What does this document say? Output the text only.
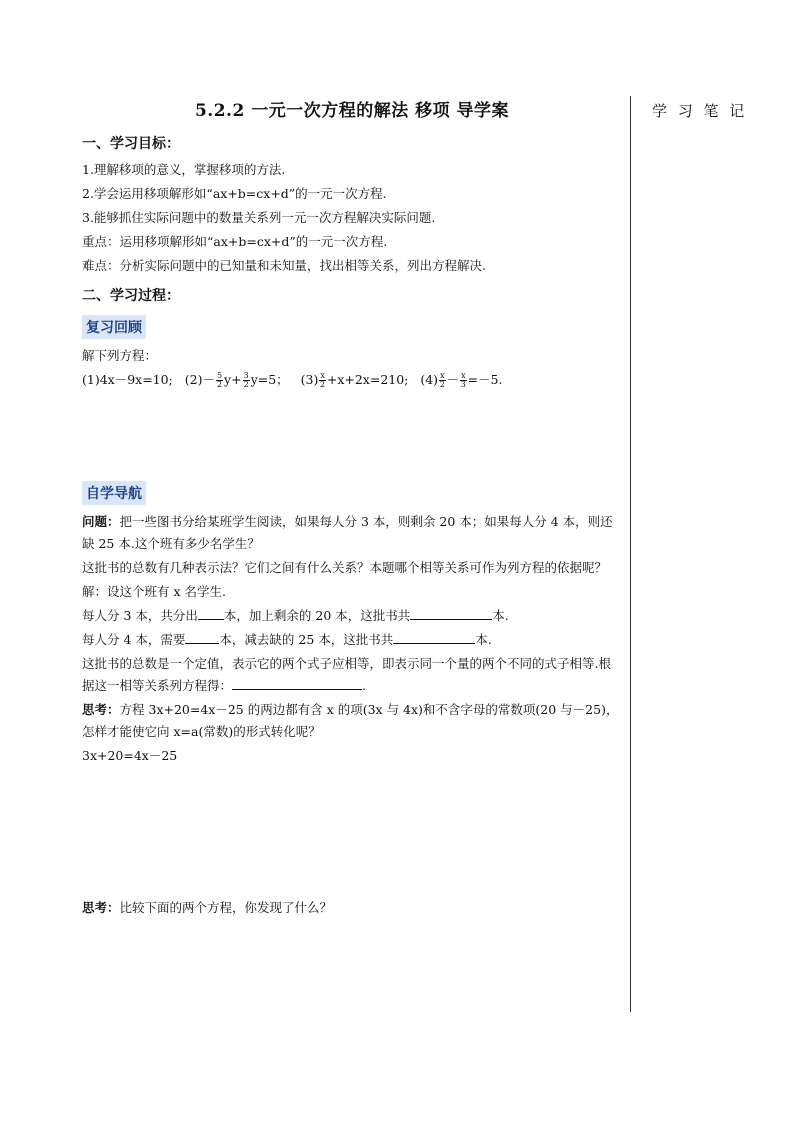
学 习 笔 记
5.2.2 一元一次方程的解法 移项 导学案
一、学习目标：
1.理解移项的意义，掌握移项的方法.
2.学会运用移项解形如“ax+b=cx+d”的一元一次方程.
3.能够抓住实际问题中的数量关系列一元一次方程解决实际问题.
重点：运用移项解形如“ax+b=cx+d”的一元一次方程.
难点：分析实际问题中的已知量和未知量，找出相等关系，列出方程解决.
二、学习过程：
复习回顾
解下列方程：
(1)4x－9x=10; $(2)- \frac{5}{2} y+ \frac{3}{2} y=5$； $(3) \frac{x}{2} +x+2x=210$; $(4) \frac{x}{2} - \frac{x}{3} =-5$.
自学导航
问题：把一些图书分给某班学生阅读，如果每人分 3 本，则剩余 20 本；如果每人分 4 本，则还缺 25 本.这个班有多少名学生？
这批书的总数有几种表示法？它们之间有什么关系？本题哪个相等关系可作为列方程的依据呢？
解：设这个班有 x 名学生.
每人分 3 本，共分出 本，加上剩余的 20 本，这批书共	本.
每人分 4 本，需要	本，减去缺的 25 本，这批书共	本.
这批书的总数是一个定值，表示它的两个式子应相等，即表示同一个量的两个不同的式子相等.根据这一相等关系列方程得：	.
思考：方程 3x+20=4x－25 的两边都有含 x 的项(3x 与 4x)和不含字母的常数项(20 与－25)，怎样才能使它向 x=a(常数)的形式转化呢？
3x+20=4x－25
思考：比较下面的两个方程，你发现了什么？
